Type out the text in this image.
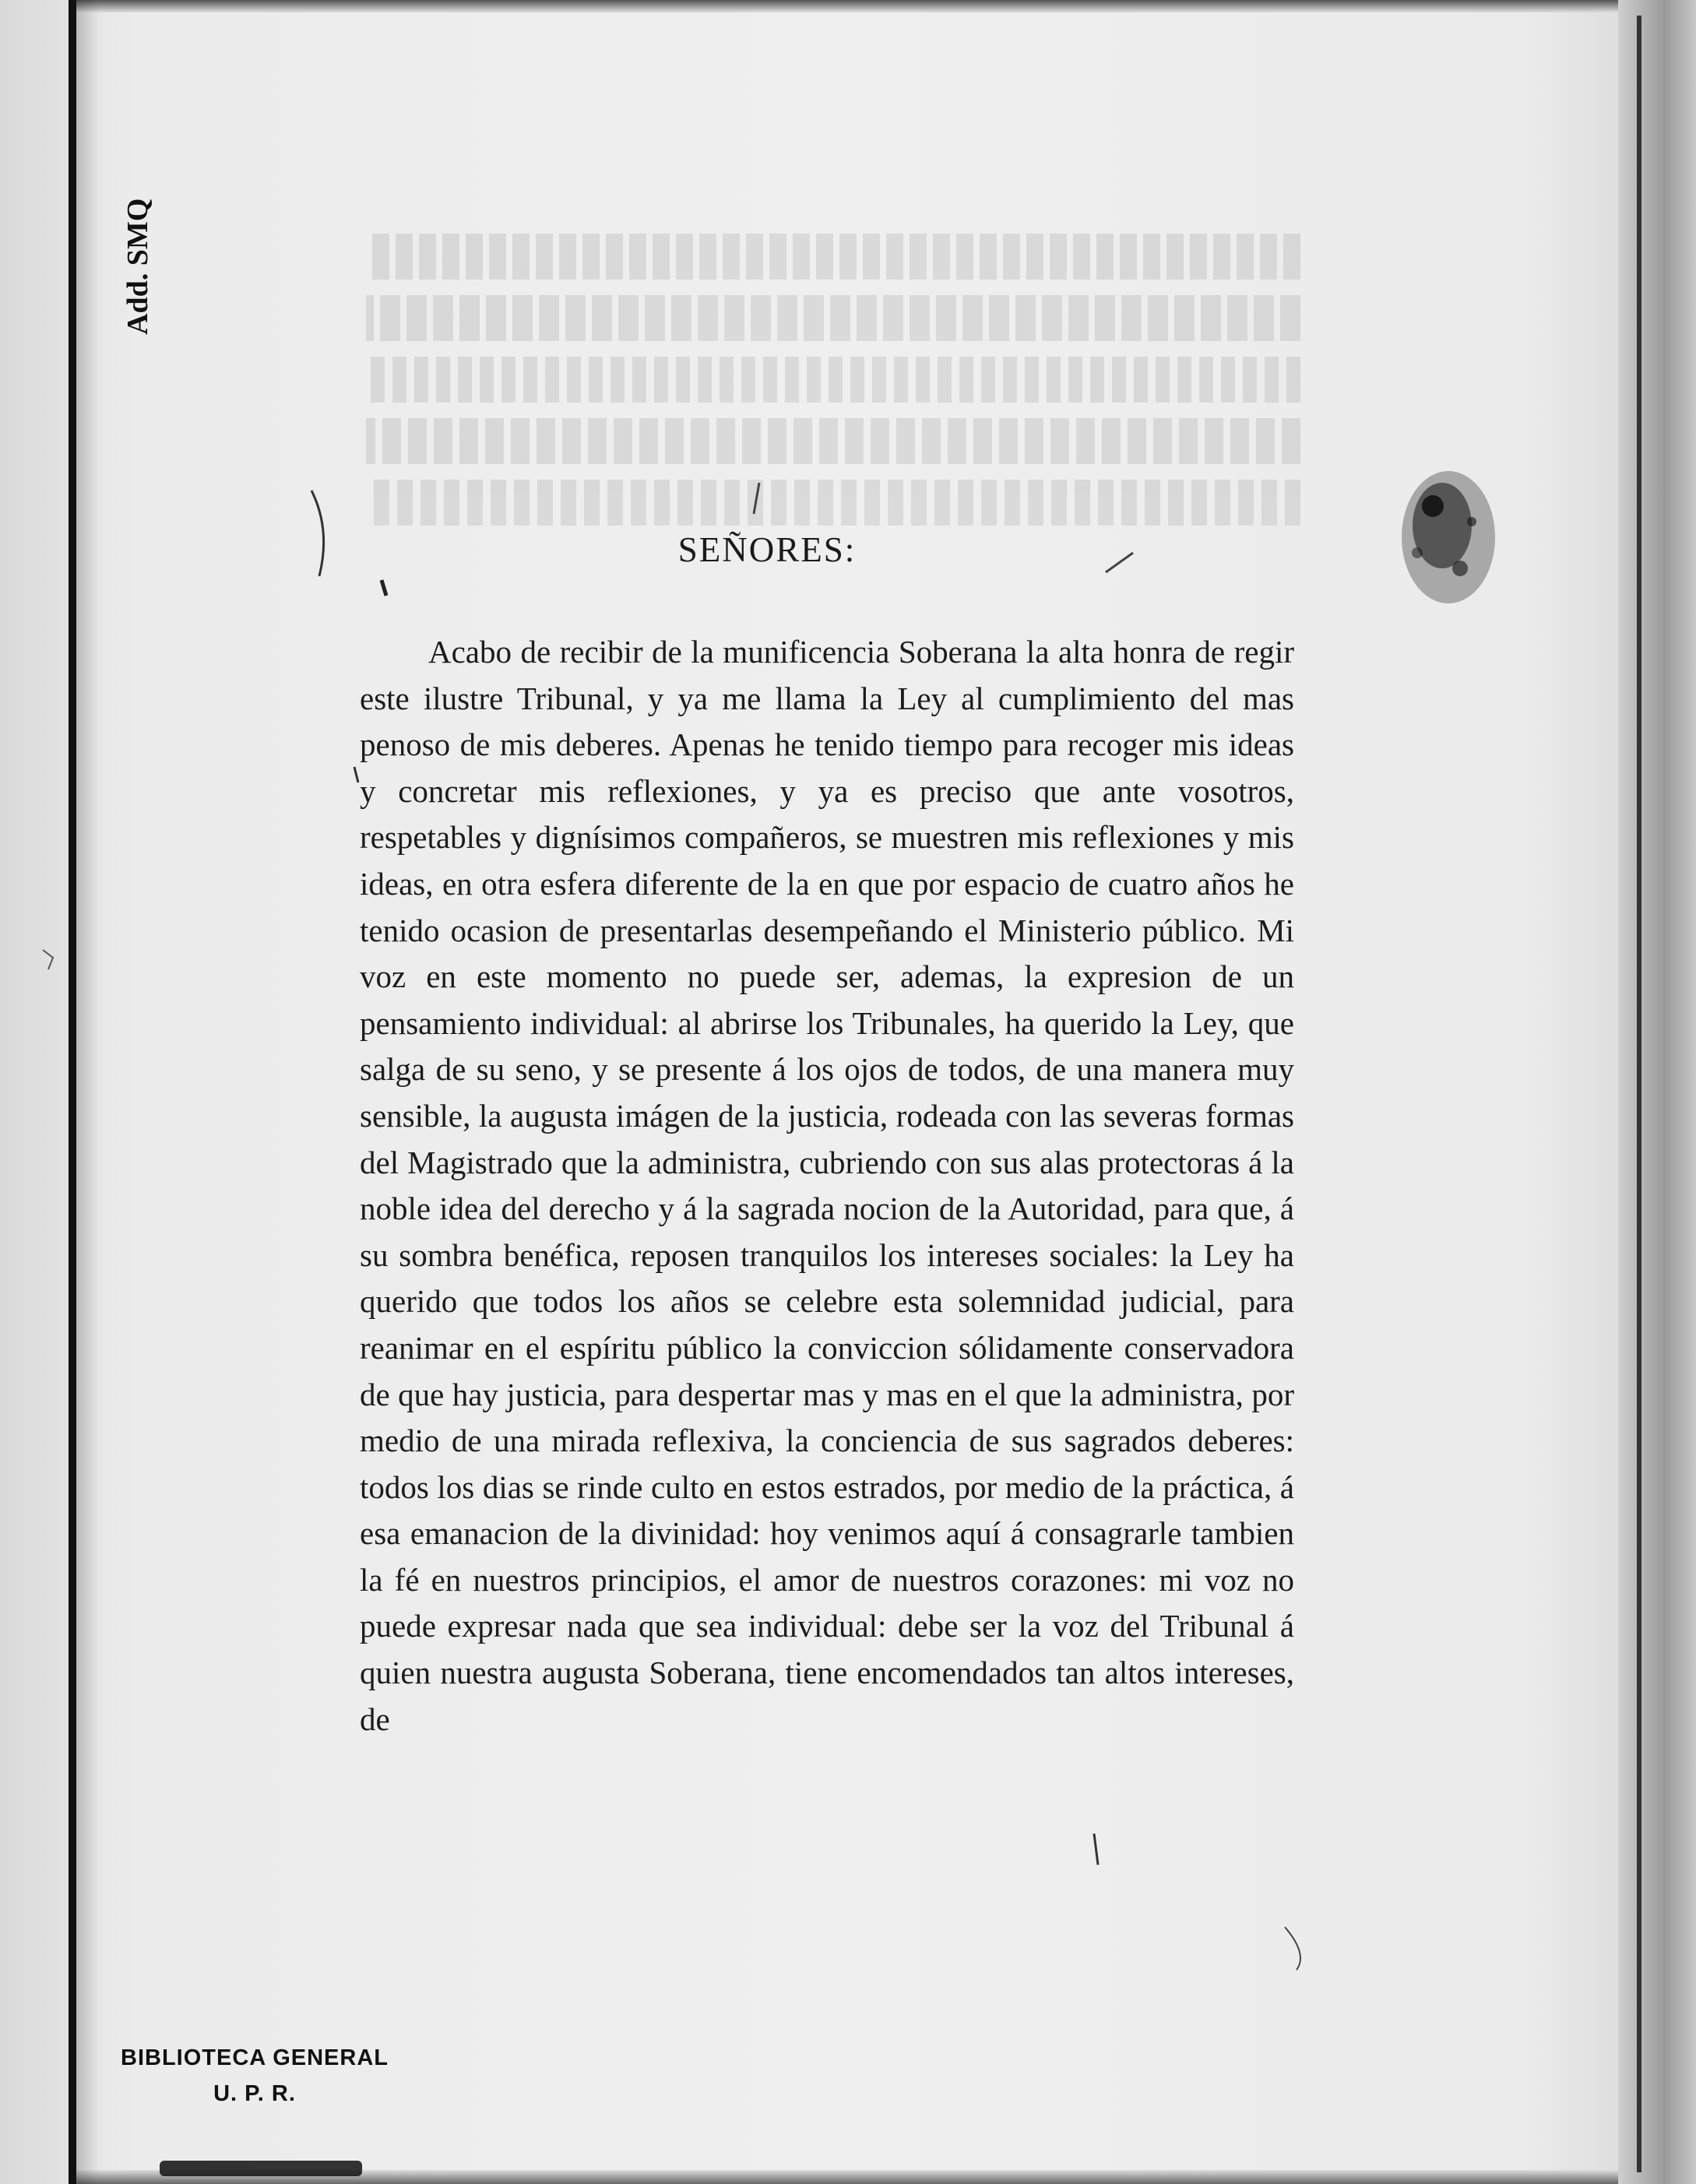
Add. SMQ
SEÑORES:

Acabo de recibir de la munificencia Soberana la alta honra de regir este ilustre Tribunal, y ya me llama la Ley al cumplimiento del mas penoso de mis deberes. Apenas he tenido tiempo para recoger mis ideas y concretar mis reflexiones, y ya es preciso que ante vosotros, respetables y dignísimos compañeros, se muestren mis reflexiones y mis ideas, en otra esfera diferente de la en que por espacio de cuatro años he tenido ocasion de presentarlas desempeñando el Ministerio público. Mi voz en este momento no puede ser, ademas, la expresion de un pensamiento individual: al abrirse los Tribunales, ha querido la Ley, que salga de su seno, y se presente á los ojos de todos, de una manera muy sensible, la augusta imágen de la justicia, rodeada con las severas formas del Magistrado que la administra, cubriendo con sus alas protectoras á la noble idea del derecho y á la sagrada nocion de la Autoridad, para que, á su sombra benéfica, reposen tranquilos los intereses sociales: la Ley ha querido que todos los años se celebre esta solemnidad judicial, para reanimar en el espíritu público la conviccion sólidamente conservadora de que hay justicia, para despertar mas y mas en el que la administra, por medio de una mirada reflexiva, la conciencia de sus sagrados deberes: todos los dias se rinde culto en estos estrados, por medio de la práctica, á esa emanacion de la divinidad: hoy venimos aquí á consagrarle tambien la fé en nuestros principios, el amor de nuestros corazones: mi voz no puede expresar nada que sea individual: debe ser la voz del Tribunal á quien nuestra augusta Soberana, tiene encomendados tan altos intereses, de

BIBLIOTECA GENERAL
U. P. R.
